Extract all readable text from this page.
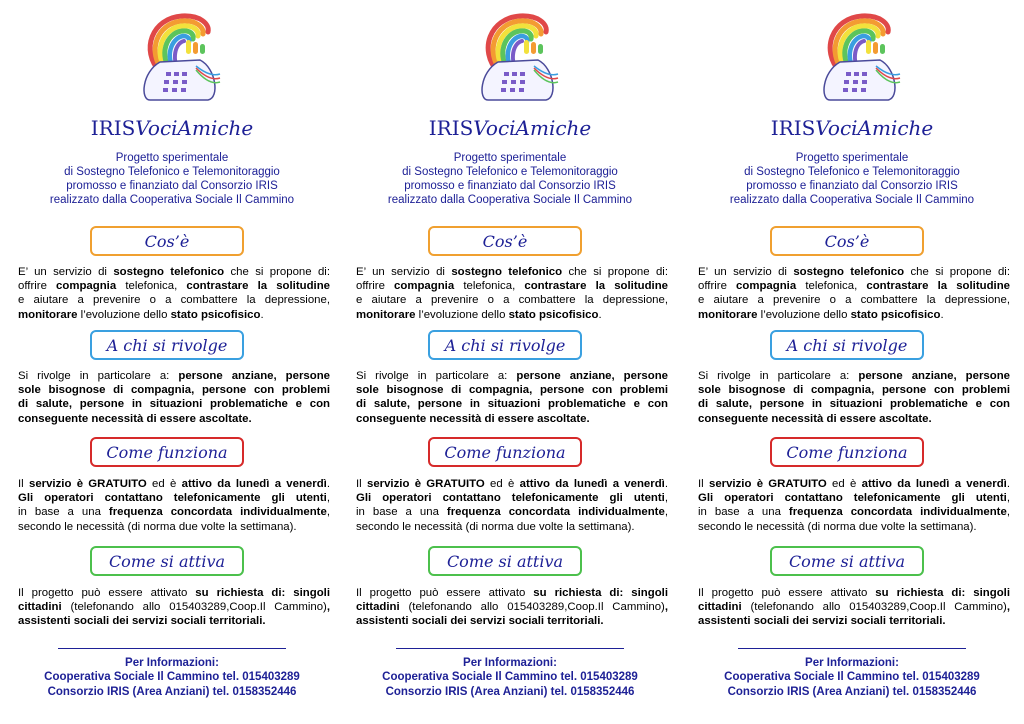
IRISVociAmiche
Progetto sperimentale
di Sostegno Telefonico e Telemonitoraggio
promosso e finanziato dal Consorzio IRIS
realizzato dalla Cooperativa Sociale Il Cammino
Cos’è
E’ un servizio di sostegno telefonico che si propone di:
offrire compagnia telefonica, contrastare la solitudine
e aiutare a prevenire o a combattere la depressione,
monitorare l’evoluzione dello stato psicofisico.
A chi si rivolge
Si rivolge in particolare a: persone anziane, persone
sole bisognose di compagnia, persone con problemi
di salute, persone in situazioni problematiche e con
conseguente necessità di essere ascoltate.
Come funziona
Il servizio è GRATUITO ed è attivo da lunedì a venerdì.
Gli operatori contattano telefonicamente gli utenti,
in base a una frequenza concordata individualmente,
secondo le necessità (di norma due volte la settimana).
Come si attiva
Il progetto può essere attivato su richiesta di: singoli
cittadini (telefonando allo 015403289,Coop.Il Cammino),
assistenti sociali dei servizi sociali territoriali.
Per Informazioni:
Cooperativa Sociale Il Cammino tel. 015403289
Consorzio IRIS (Area Anziani) tel. 0158352446
IRISVociAmiche
Progetto sperimentale
di Sostegno Telefonico e Telemonitoraggio
promosso e finanziato dal Consorzio IRIS
realizzato dalla Cooperativa Sociale Il Cammino
Cos’è
E’ un servizio di sostegno telefonico che si propone di:
offrire compagnia telefonica, contrastare la solitudine
e aiutare a prevenire o a combattere la depressione,
monitorare l’evoluzione dello stato psicofisico.
A chi si rivolge
Si rivolge in particolare a: persone anziane, persone
sole bisognose di compagnia, persone con problemi
di salute, persone in situazioni problematiche e con
conseguente necessità di essere ascoltate.
Come funziona
Il servizio è GRATUITO ed è attivo da lunedì a venerdì.
Gli operatori contattano telefonicamente gli utenti,
in base a una frequenza concordata individualmente,
secondo le necessità (di norma due volte la settimana).
Come si attiva
Il progetto può essere attivato su richiesta di: singoli
cittadini (telefonando allo 015403289,Coop.Il Cammino),
assistenti sociali dei servizi sociali territoriali.
Per Informazioni:
Cooperativa Sociale Il Cammino tel. 015403289
Consorzio IRIS (Area Anziani) tel. 0158352446
IRISVociAmiche
Progetto sperimentale
di Sostegno Telefonico e Telemonitoraggio
promosso e finanziato dal Consorzio IRIS
realizzato dalla Cooperativa Sociale Il Cammino
Cos’è
E’ un servizio di sostegno telefonico che si propone di:
offrire compagnia telefonica, contrastare la solitudine
e aiutare a prevenire o a combattere la depressione,
monitorare l’evoluzione dello stato psicofisico.
A chi si rivolge
Si rivolge in particolare a: persone anziane, persone
sole bisognose di compagnia, persone con problemi
di salute, persone in situazioni problematiche e con
conseguente necessità di essere ascoltate.
Come funziona
Il servizio è GRATUITO ed è attivo da lunedì a venerdì.
Gli operatori contattano telefonicamente gli utenti,
in base a una frequenza concordata individualmente,
secondo le necessità (di norma due volte la settimana).
Come si attiva
Il progetto può essere attivato su richiesta di: singoli
cittadini (telefonando allo 015403289,Coop.Il Cammino),
assistenti sociali dei servizi sociali territoriali.
Per Informazioni:
Cooperativa Sociale Il Cammino tel. 015403289
Consorzio IRIS (Area Anziani) tel. 0158352446
